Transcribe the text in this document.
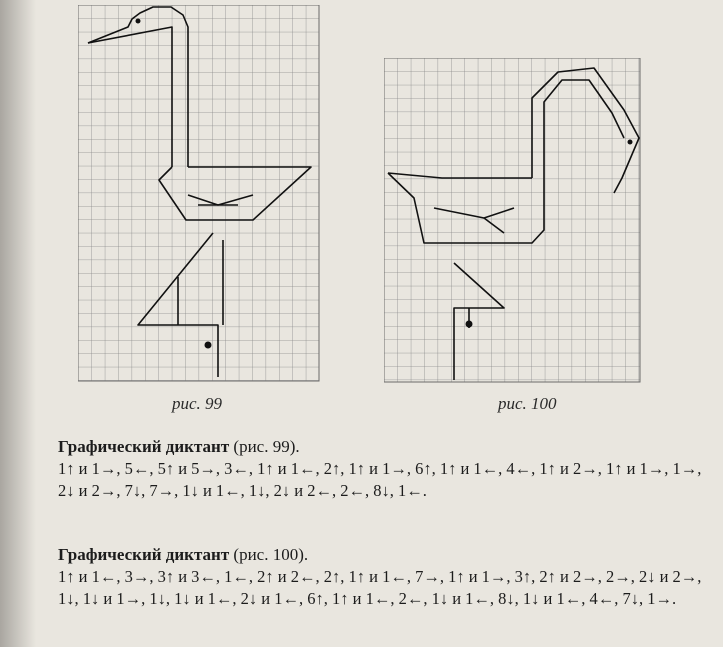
рис. 99	рис. 100
Графический диктант (рис. 99).
1↑ и 1→, 5←, 5↑ и 5→, 3←, 1↑ и 1←, 2↑, 1↑ и 1→, 6↑, 1↑ и 1←, 4←, 1↑ и 2→, 1↑ и 1→, 1→, 2↓ и 2→, 7↓, 7→, 1↓ и 1←, 1↓, 2↓ и 2←, 2←, 8↓, 1←.
Графический диктант (рис. 100).
1↑ и 1←, 3→, 3↑ и 3←, 1←, 2↑ и 2←, 2↑, 1↑ и 1←, 7→, 1↑ и 1→, 3↑, 2↑ и 2→, 2→, 2↓ и 2→, 1↓, 1↓ и 1→, 1↓, 1↓ и 1←, 2↓ и 1←, 6↑, 1↑ и 1←, 2←, 1↓ и 1←, 8↓, 1↓ и 1←, 4←, 7↓, 1→.
